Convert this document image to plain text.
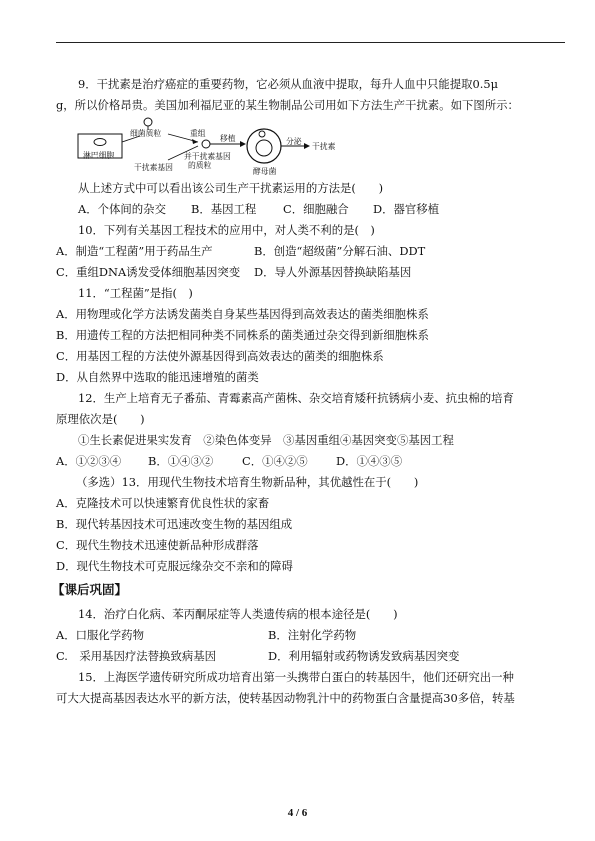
9．干扰素是治疗癌症的重要药物，它必须从血液中提取，每升人血中只能提取0.5μ
g，所以价格昂贵。美国加利福尼亚的某生物制品公司用如下方法生产干扰素。如下图所示：
淋巴细胞
细菌质粒
干扰素基因
重组
并干扰素基因
的质粒
移植
酵母菌
分泌
干扰素
从上述方式中可以看出该公司生产干扰素运用的方法是(　　)
A．个体间的杂交 B．基因工程 C．细胞融合 D．器官移植
10．下列有关基因工程技术的应用中，对人类不利的是(　)
A．制造“工程菌”用于药品生产	B．创造“超级菌”分解石油、DDT
C．重组DNA诱发受体细胞基因突变 D．导人外源基因替换缺陷基因
11．“工程菌”是指(　)
A．用物理或化学方法诱发菌类自身某些基因得到高效表达的菌类细胞株系
B．用遗传工程的方法把相同种类不同株系的菌类通过杂交得到新细胞株系
C．用基因工程的方法使外源基因得到高效表达的菌类的细胞株系
D．从自然界中选取的能迅速增殖的菌类
12．生产上培育无子番茄、青霉素高产菌株、杂交培育矮秆抗锈病小麦、抗虫棉的培育
原理依次是(　　)
①生长素促进果实发育　②染色体变异　③基因重组④基因突变⑤基因工程
A．①②③④ B．①④③②	C．①④②⑤ D．①④③⑤
（多选）13．用现代生物技术培育生物新品种，其优越性在于(　　)
A．克隆技术可以快速繁育优良性状的家畜
B．现代转基因技术可迅速改变生物的基因组成
C．现代生物技术迅速使新品种形成群落
D．现代生物技术可克服远缘杂交不亲和的障碍
【课后巩固】
14．治疗白化病、苯丙酮尿症等人类遗传病的根本途径是(　　)
A．口服化学药物	B．注射化学药物
C.　采用基因疗法替换致病基因	D．利用辐射或药物诱发致病基因突变
15．上海医学遗传研究所成功培育出第一头携带白蛋白的转基因牛，他们还研究出一种
可大大提高基因表达水平的新方法，使转基因动物乳汁中的药物蛋白含量提高30多倍，转基
4 / 6
